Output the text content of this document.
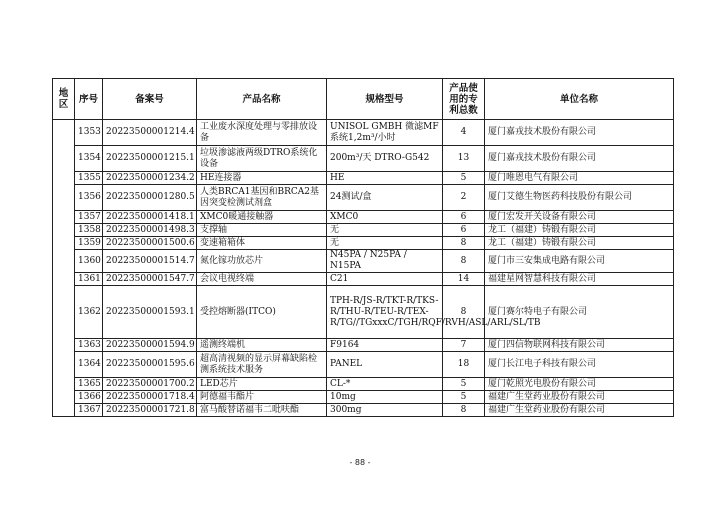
地区	序号	备案号	产品名称	规格型号	产品使用的专利总数	单位名称
	1353	20223500001214.4	工业废水深度处理与零排放设备	UNISOL GMBH 微滤MF系统1,2m³/小时	4	厦门嘉戎技术股份有限公司
	1354	20223500001215.1	垃圾渗滤液两级DTRO系统化设备	200m³/天 DTRO-G542	13	厦门嘉戎技术股份有限公司
	1355	20223500001234.2	HE连接器	HE	5	厦门唯恩电气有限公司
	1356	20223500001280.5	人类BRCA1基因和BRCA2基因突变检测试剂盒	24测试/盒	2	厦门艾德生物医药科技股份有限公司
	1357	20223500001418.1	XMC0暖通接触器	XMC0	6	厦门宏发开关设备有限公司
	1358	20223500001498.3	支撑轴	无	6	龙工（福建）铸锻有限公司
	1359	20223500001500.6	变速箱箱体	无	8	龙工（福建）铸锻有限公司
	1360	20223500001514.7	氮化镓功放芯片	N45PA / N25PA / N15PA	8	厦门市三安集成电路有限公司
	1361	20223500001547.7	会议电视终端	C21	14	福建星网智慧科技有限公司
	1362	20223500001593.1	受控熔断器(ITCO)	TPH-R/JS-R/TKT-R/TKS-R/THU-R/TEU-R/TEX-R/TG//TGxxxC/TGH/RQF/RVH/ASL/ARL/SL/TB	8	厦门赛尔特电子有限公司
	1363	20223500001594.9	遥测终端机	F9164	7	厦门四信物联网科技有限公司
	1364	20223500001595.6	超高清视频的显示屏幕缺陷检测系统技术服务	PANEL	18	厦门长江电子科技有限公司
	1365	20223500001700.2	LED芯片	CL-*	5	厦门乾照光电股份有限公司
	1366	20223500001718.4	阿德福韦酯片	10mg	5	福建广生堂药业股份有限公司
	1367	20223500001721.8	富马酸替诺福韦二吡呋酯	300mg	8	福建广生堂药业股份有限公司
- 88 -
